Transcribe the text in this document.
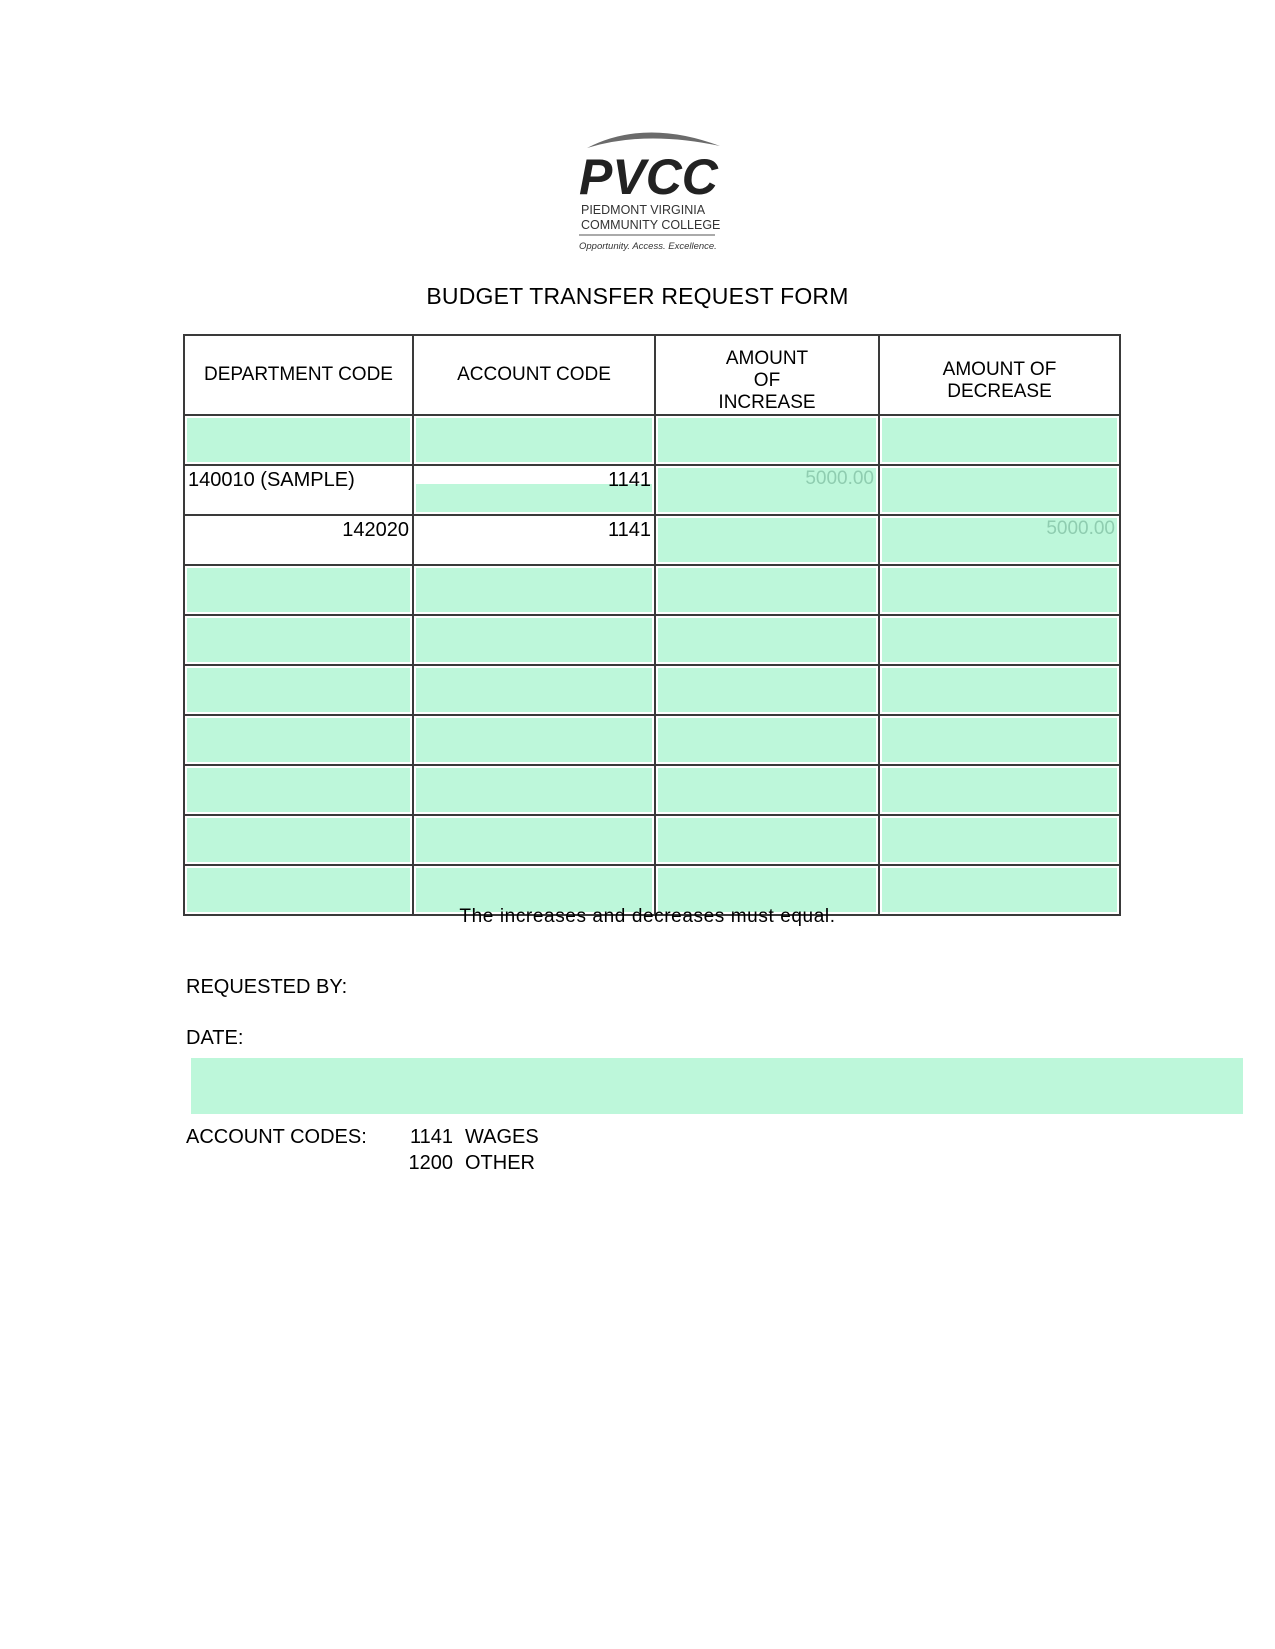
PVCC
PIEDMONT VIRGINIA
COMMUNITY COLLEGE
Opportunity. Access. Excellence.
BUDGET TRANSFER REQUEST FORM
DEPARTMENT CODE	ACCOUNT CODE	AMOUNT OF INCREASE	AMOUNT OF DECREASE

140010 (SAMPLE)	1141	5000.00	

142020	1141		5000.00

The increases and decreases must equal.
REQUESTED BY:
DATE:
ACCOUNT CODES: 1141 WAGES
1200 OTHER
